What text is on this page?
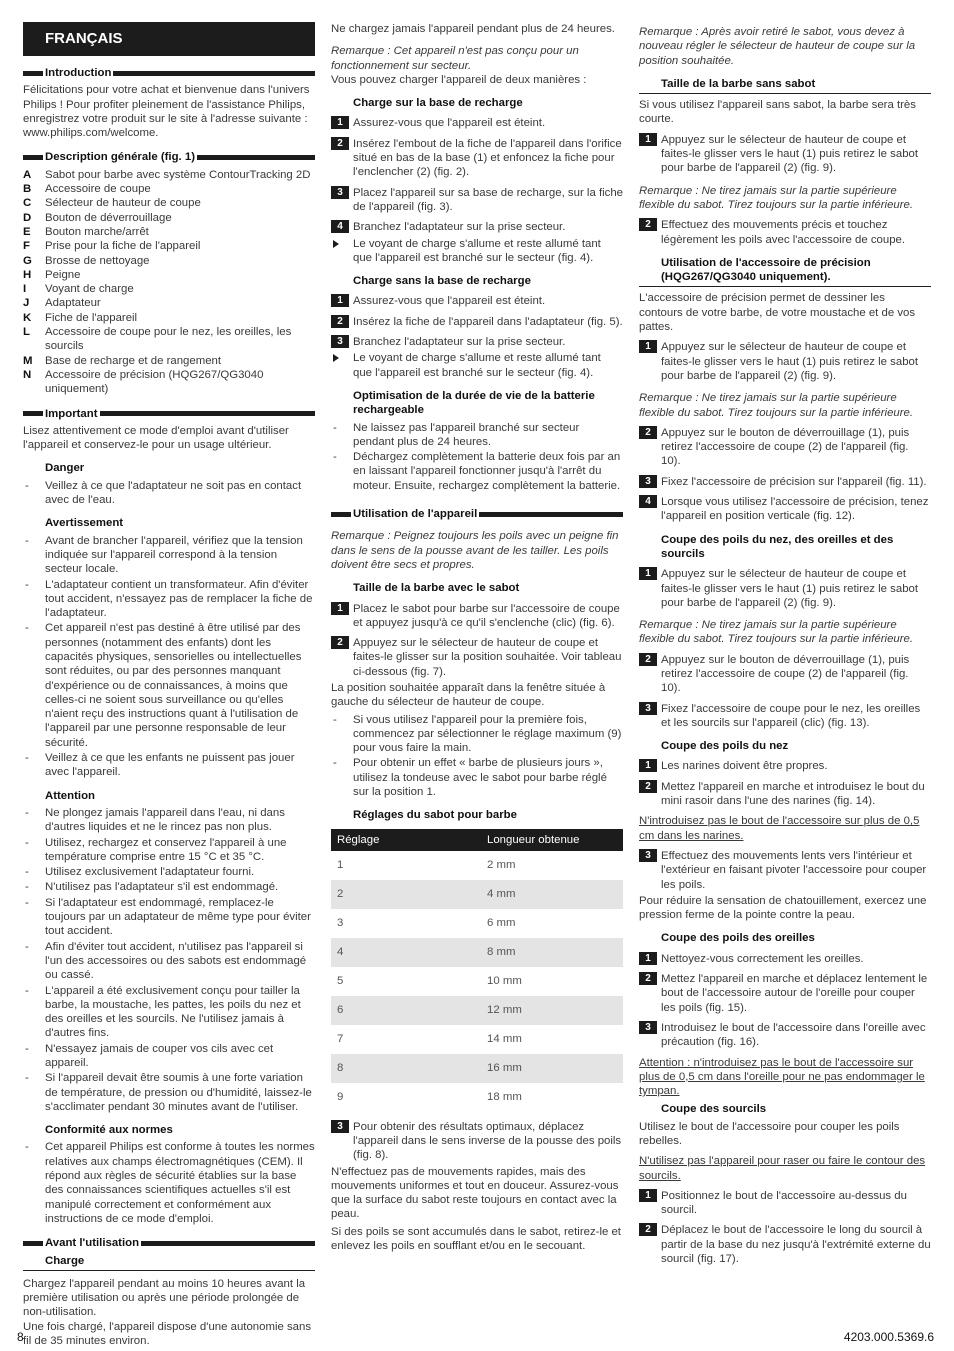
FRANÇAIS
Introduction

Félicitations pour votre achat et bienvenue dans l'univers Philips ! Pour profiter pleinement de l'assistance Philips, enregistrez votre produit sur le site à l'adresse suivante : www.philips.com/welcome.

Description générale (fig. 1)
A	Sabot pour barbe avec système ContourTracking 2D
B	Accessoire de coupe
C	Sélecteur de hauteur de coupe
D	Bouton de déverrouillage
E	Bouton marche/arrêt
F	Prise pour la fiche de l'appareil
G	Brosse de nettoyage
H	Peigne
I	Voyant de charge
J	Adaptateur
K	Fiche de l'appareil
L	Accessoire de coupe pour le nez, les oreilles, les sourcils
M	Base de recharge et de rangement
N	Accessoire de précision (HQG267/QG3040 uniquement)
Important

Lisez attentivement ce mode d'emploi avant d'utiliser l'appareil et conservez-le pour un usage ultérieur.

Danger
- Veillez à ce que l'adaptateur ne soit pas en contact avec de l'eau.
Avertissement
- Avant de brancher l'appareil, vérifiez que la tension indiquée sur l'appareil correspond à la tension secteur locale.
- L'adaptateur contient un transformateur. Afin d'éviter tout accident, n'essayez pas de remplacer la fiche de l'adaptateur.
- Cet appareil n'est pas destiné à être utilisé par des personnes (notamment des enfants) dont les capacités physiques, sensorielles ou intellectuelles sont réduites, ou par des personnes manquant d'expérience ou de connaissances, à moins que celles-ci ne soient sous surveillance ou qu'elles n'aient reçu des instructions quant à l'utilisation de l'appareil par une personne responsable de leur sécurité.
- Veillez à ce que les enfants ne puissent pas jouer avec l'appareil.
Attention
- Ne plongez jamais l'appareil dans l'eau, ni dans d'autres liquides et ne le rincez pas non plus.
- Utilisez, rechargez et conservez l'appareil à une température comprise entre 15 °C et 35 °C.
- Utilisez exclusivement l'adaptateur fourni.
- N'utilisez pas l'adaptateur s'il est endommagé.
- Si l'adaptateur est endommagé, remplacez-le toujours par un adaptateur de même type pour éviter tout accident.
- Afin d'éviter tout accident, n'utilisez pas l'appareil si l'un des accessoires ou des sabots est endommagé ou cassé.
- L'appareil a été exclusivement conçu pour tailler la barbe, la moustache, les pattes, les poils du nez et des oreilles et les sourcils. Ne l'utilisez jamais à d'autres fins.
- N'essayez jamais de couper vos cils avec cet appareil.
- Si l'appareil devait être soumis à une forte variation de température, de pression ou d'humidité, laissez-le s'acclimater pendant 30 minutes avant de l'utiliser.
Conformité aux normes
- Cet appareil Philips est conforme à toutes les normes relatives aux champs électromagnétiques (CEM). Il répond aux règles de sécurité établies sur la base des connaissances scientifiques actuelles s'il est manipulé correctement et conformément aux instructions de ce mode d'emploi.
Avant l'utilisation
Charge

Chargez l'appareil pendant au moins 10 heures avant la première utilisation ou après une période prolongée de non-utilisation.

Une fois chargé, l'appareil dispose d'une autonomie sans fil de 35 minutes environ.

Ne chargez jamais l'appareil pendant plus de 24 heures.

Remarque : Cet appareil n'est pas conçu pour un fonctionnement sur secteur.

Vous pouvez charger l'appareil de deux manières :

Charge sur la base de recharge
1 Assurez-vous que l'appareil est éteint.
2 Insérez l'embout de la fiche de l'appareil dans l'orifice situé en bas de la base (1) et enfoncez la fiche pour l'enclencher (2) (fig. 2).
3 Placez l'appareil sur sa base de recharge, sur la fiche de l'appareil (fig. 3).
4 Branchez l'adaptateur sur la prise secteur.
Le voyant de charge s'allume et reste allumé tant que l'appareil est branché sur le secteur (fig. 4).
Charge sans la base de recharge
1 Assurez-vous que l'appareil est éteint.
2 Insérez la fiche de l'appareil dans l'adaptateur (fig. 5).
3 Branchez l'adaptateur sur la prise secteur.
Le voyant de charge s'allume et reste allumé tant que l'appareil est branché sur le secteur (fig. 4).
Optimisation de la durée de vie de la batterie rechargeable
- Ne laissez pas l'appareil branché sur secteur pendant plus de 24 heures.
- Déchargez complètement la batterie deux fois par an en laissant l'appareil fonctionner jusqu'à l'arrêt du moteur. Ensuite, rechargez complètement la batterie.
Utilisation de l'appareil

Remarque : Peignez toujours les poils avec un peigne fin dans le sens de la pousse avant de les tailler. Les poils doivent être secs et propres.

Taille de la barbe avec le sabot
1 Placez le sabot pour barbe sur l'accessoire de coupe et appuyez jusqu'à ce qu'il s'enclenche (clic) (fig. 6).
2 Appuyez sur le sélecteur de hauteur de coupe et faites-le glisser sur la position souhaitée. Voir tableau ci-dessous (fig. 7).

La position souhaitée apparaît dans la fenêtre située à gauche du sélecteur de hauteur de coupe.

- Si vous utilisez l'appareil pour la première fois, commencez par sélectionner le réglage maximum (9) pour vous faire la main.
- Pour obtenir un effet « barbe de plusieurs jours », utilisez la tondeuse avec le sabot pour barbe réglé sur la position 1.
Réglages du sabot pour barbe
Réglage	Longueur obtenue
1	2 mm
2	4 mm
3	6 mm
4	8 mm
5	10 mm
6	12 mm
7	14 mm
8	16 mm
9	18 mm
3 Pour obtenir des résultats optimaux, déplacez l'appareil dans le sens inverse de la pousse des poils (fig. 8).

N'effectuez pas de mouvements rapides, mais des mouvements uniformes et tout en douceur. Assurez-vous que la surface du sabot reste toujours en contact avec la peau.

Si des poils se sont accumulés dans le sabot, retirez-le et enlevez les poils en soufflant et/ou en le secouant.

Remarque : Après avoir retiré le sabot, vous devez à nouveau régler le sélecteur de hauteur de coupe sur la position souhaitée.

Taille de la barbe sans sabot

Si vous utilisez l'appareil sans sabot, la barbe sera très courte.

1 Appuyez sur le sélecteur de hauteur de coupe et faites-le glisser vers le haut (1) puis retirez le sabot pour barbe de l'appareil (2) (fig. 9).

Remarque : Ne tirez jamais sur la partie supérieure flexible du sabot. Tirez toujours sur la partie inférieure.

2 Effectuez des mouvements précis et touchez légèrement les poils avec l'accessoire de coupe.
Utilisation de l'accessoire de précision (HQG267/QG3040 uniquement).

L'accessoire de précision permet de dessiner les contours de votre barbe, de votre moustache et de vos pattes.

1 Appuyez sur le sélecteur de hauteur de coupe et faites-le glisser vers le haut (1) puis retirez le sabot pour barbe de l'appareil (2) (fig. 9).

Remarque : Ne tirez jamais sur la partie supérieure flexible du sabot. Tirez toujours sur la partie inférieure.

2 Appuyez sur le bouton de déverrouillage (1), puis retirez l'accessoire de coupe (2) de l'appareil (fig. 10).
3 Fixez l'accessoire de précision sur l'appareil (fig. 11).
4 Lorsque vous utilisez l'accessoire de précision, tenez l'appareil en position verticale (fig. 12).
Coupe des poils du nez, des oreilles et des sourcils
1 Appuyez sur le sélecteur de hauteur de coupe et faites-le glisser vers le haut (1) puis retirez le sabot pour barbe de l'appareil (2) (fig. 9).

Remarque : Ne tirez jamais sur la partie supérieure flexible du sabot. Tirez toujours sur la partie inférieure.

2 Appuyez sur le bouton de déverrouillage (1), puis retirez l'accessoire de coupe (2) de l'appareil (fig. 10).
3 Fixez l'accessoire de coupe pour le nez, les oreilles et les sourcils sur l'appareil (clic) (fig. 13).
Coupe des poils du nez
1 Les narines doivent être propres.
2 Mettez l'appareil en marche et introduisez le bout du mini rasoir dans l'une des narines (fig. 14).

N'introduisez pas le bout de l'accessoire sur plus de 0,5 cm dans les narines.

3 Effectuez des mouvements lents vers l'intérieur et l'extérieur en faisant pivoter l'accessoire pour couper les poils.

Pour réduire la sensation de chatouillement, exercez une pression ferme de la pointe contre la peau.

Coupe des poils des oreilles
1 Nettoyez-vous correctement les oreilles.
2 Mettez l'appareil en marche et déplacez lentement le bout de l'accessoire autour de l'oreille pour couper les poils (fig. 15).
3 Introduisez le bout de l'accessoire dans l'oreille avec précaution (fig. 16).

Attention : n'introduisez pas le bout de l'accessoire sur plus de 0,5 cm dans l'oreille pour ne pas endommager le tympan.

Coupe des sourcils

Utilisez le bout de l'accessoire pour couper les poils rebelles.

N'utilisez pas l'appareil pour raser ou faire le contour des sourcils.

1 Positionnez le bout de l'accessoire au-dessus du sourcil.
2 Déplacez le bout de l'accessoire le long du sourcil à partir de la base du nez jusqu'à l'extrémité externe du sourcil (fig. 17).
8	4203.000.5369.6
